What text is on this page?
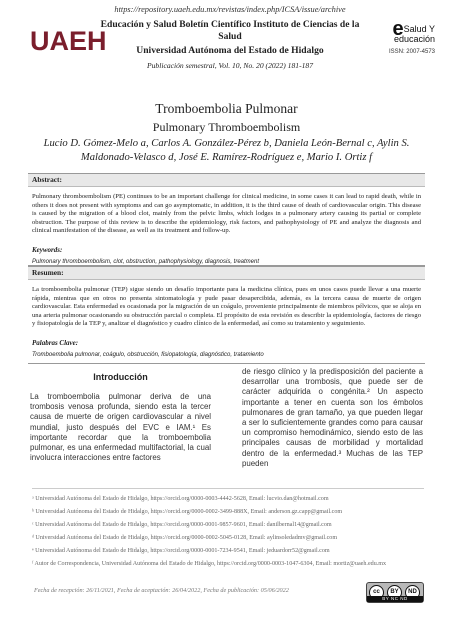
UAEH
https://repository.uaeh.edu.mx/revistas/index.php/ICSA/issue/archive
Educación y Salud Boletín Científico Instituto de Ciencias de la Salud
Universidad Autónoma del Estado de Hidalgo
Publicación semestral, Vol. 10, No. 20 (2022) 181-187
eSalud Y
educación
ISSN: 2007-4573
Tromboembolia Pulmonar
Pulmonary Thromboembolism
Lucio D. Gómez-Melo a, Carlos A. González-Pérez b, Daniela León-Bernal c, Aylin S. Maldonado-Velasco d, José E. Ramírez-Rodríguez e, Mario I. Ortiz f
Abstract:
Pulmonary thromboembolism (PE) continues to be an important challenge for clinical medicine, in some cases it can lead to rapid death, while in others it does not present with symptoms and can go asymptomatic, in addition, it is the third cause of death of cardiovascular origin. This disease is caused by the migration of a blood clot, mainly from the pelvic limbs, which lodges in a pulmonary artery causing its partial or complete obstruction. The purpose of this review is to describe the epidemiology, risk factors, and pathophysiology of PE and analyze the diagnosis and clinical manifestation of the disease, as well as its treatment and follow-up.
Keywords:
Pulmonary thromboembolism, clot, obstruction, pathophysiology, diagnosis, treatment
Resumen:
La tromboembolia pulmonar (TEP) sigue siendo un desafío importante para la medicina clínica, pues en unos casos puede llevar a una muerte rápida, mientras que en otros no presenta sintomatología y pude pasar desapercibida, además, es la tercera causa de muerte de origen cardiovascular. Esta enfermedad es ocasionada por la migración de un coágulo, proveniente principalmente de miembros pélvicos, que se aloja en una arteria pulmonar ocasionando su obstrucción parcial o completa. El propósito de esta revisión es describir la epidemiología, factores de riesgo y fisiopatología de la TEP y, analizar el diagnóstico y cuadro clínico de la enfermedad, así como su tratamiento y seguimiento.
Palabras Clave:
Tromboembolia pulmonar, coágulo, obstrucción, fisiopatología, diagnóstico, tratamiento
Introducción
La tromboembolia pulmonar deriva de una trombosis venosa profunda, siendo esta la tercer causa de muerte de origen cardiovascular a nivel mundial, justo después del EVC e IAM.¹ Es importante recordar que la tromboembolia pulmonar, es una enfermedad multifactorial, la cual involucra interacciones entre factores
de riesgo clínico y la predisposición del paciente a desarrollar una trombosis, que puede ser de carácter adquirida o congénita.² Un aspecto importante a tener en cuenta son los émbolos pulmonares de gran tamaño, ya que pueden llegar a ser lo suficientemente grandes como para causar un compromiso hemodinámico, siendo esto de las principales causas de morbilidad y mortalidad dentro de la enfermedad.³ Muchas de las TEP pueden
ᵃ Universidad Autónoma del Estado de Hidalgo, https://orcid.org/0000-0003-4442-5628, Email: lucvio.dan@hotmail.com
ᵇ Universidad Autónoma del Estado de Hidalgo, https://orcid.org/0000-0002-3499-888X, Email: anderson.gz.capp@gmail.com
ᶜ Universidad Autónoma del Estado de Hidalgo, https://orcid.org/0000-0001-9857-9601, Email: danilbernal14@gmail.com
ᵈ Universidad Autónoma del Estado de Hidalgo, https://orcid.org/0000-0002-5045-0128, Email: aylinsoledadmv@gmail.com
ᵉ Universidad Autónoma del Estado de Hidalgo, https://orcid.org/0000-0001-7234-9541, Email: jeduardorr52@gmail.com
ᶠ Autor de Correspondencia, Universidad Autónoma del Estado de Hidalgo, https://orcid.org/0000-0003-1047-6304, Email: mortiz@uaeh.edu.mx
Fecha de recepción: 26/11/2021, Fecha de aceptación: 26/04/2022, Fecha de publicación: 05/06/2022	cc	BY	ND
BY NC ND
